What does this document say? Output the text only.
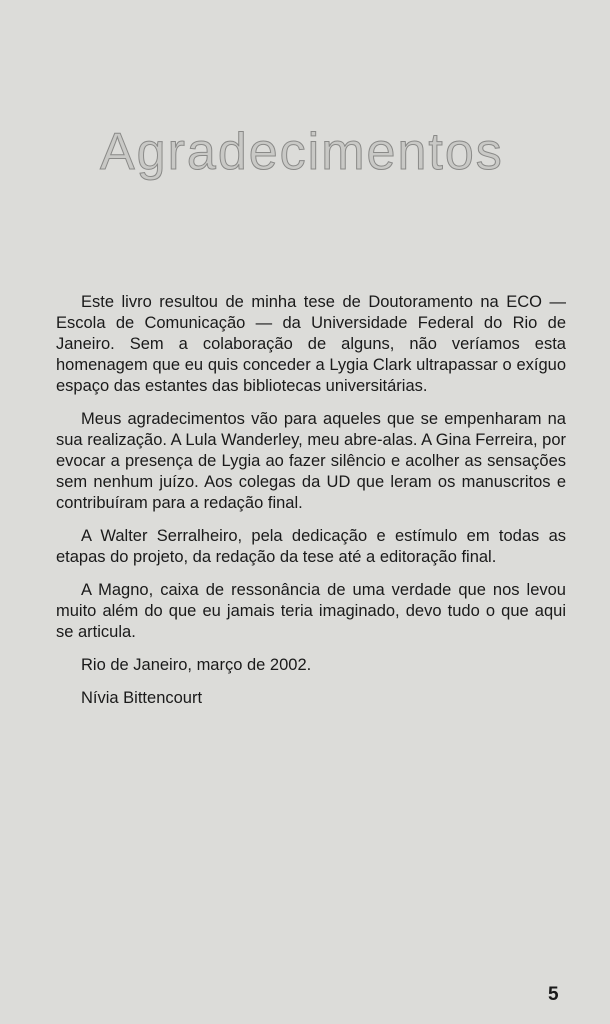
Agradecimentos

Este livro resultou de minha tese de Doutoramento na ECO — Escola de Comunicação — da Universidade Federal do Rio de Janeiro. Sem a colaboração de alguns, não veríamos esta homenagem que eu quis conceder a Lygia Clark ultrapassar o exíguo espaço das estantes das bibliotecas universitárias.

Meus agradecimentos vão para aqueles que se empenharam na sua realização. A Lula Wanderley, meu abre-alas. A Gina Ferreira, por evocar a presença de Lygia ao fazer silêncio e acolher as sensações sem nenhum juízo. Aos colegas da UD que leram os manuscritos e contribuíram para a redação final.

A Walter Serralheiro, pela dedicação e estímulo em todas as etapas do projeto, da redação da tese até a editoração final.

A Magno, caixa de ressonância de uma verdade que nos levou muito além do que eu jamais teria imaginado, devo tudo o que aqui se articula.

Rio de Janeiro, março de 2002.

Nívia Bittencourt

5
